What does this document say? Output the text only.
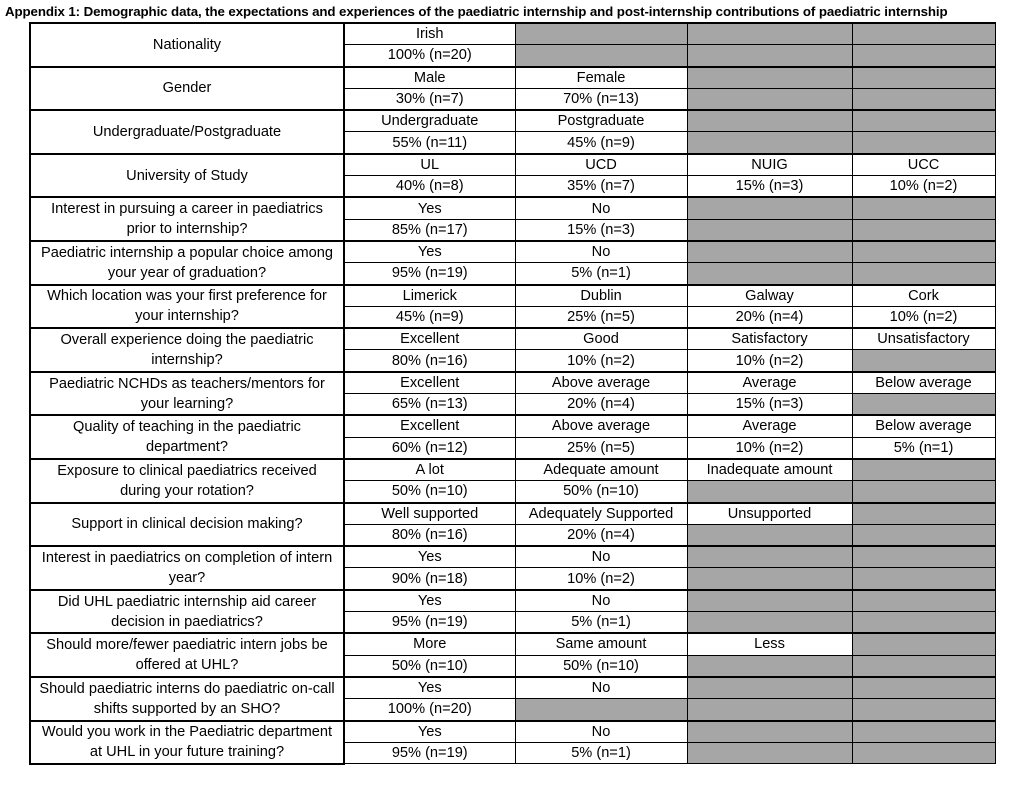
Appendix 1: Demographic data, the expectations and experiences of the paediatric internship and post-internship contributions of paediatric internship
Nationality	Irish			
	100% (n=20)			
Gender	Male	Female		
	30% (n=7)	70% (n=13)		
Undergraduate/Postgraduate	Undergraduate	Postgraduate		
	55% (n=11)	45% (n=9)		
University of Study	UL	UCD	NUIG	UCC
	40% (n=8)	35% (n=7)	15% (n=3)	10% (n=2)
Interest in pursuing a career in paediatrics prior to internship?	Yes	No		
	85% (n=17)	15% (n=3)		
Paediatric internship a popular choice among your year of graduation?	Yes	No		
	95% (n=19)	5% (n=1)		
Which location was your first preference for your internship?	Limerick	Dublin	Galway	Cork
	45% (n=9)	25% (n=5)	20% (n=4)	10% (n=2)
Overall experience doing the paediatric internship?	Excellent	Good	Satisfactory	Unsatisfactory
	80% (n=16)	10% (n=2)	10% (n=2)	
Paediatric NCHDs as teachers/mentors for your learning?	Excellent	Above average	Average	Below average
	65% (n=13)	20% (n=4)	15% (n=3)	
Quality of teaching in the paediatric department?	Excellent	Above average	Average	Below average
	60% (n=12)	25% (n=5)	10% (n=2)	5% (n=1)
Exposure to clinical paediatrics received during your rotation?	A lot	Adequate amount	Inadequate amount	
	50% (n=10)	50% (n=10)		
Support in clinical decision making?	Well supported	Adequately Supported	Unsupported	
	80% (n=16)	20% (n=4)		
Interest in paediatrics on completion of intern year?	Yes	No		
	90% (n=18)	10% (n=2)		
Did UHL paediatric internship aid career decision in paediatrics?	Yes	No		
	95% (n=19)	5% (n=1)		
Should more/fewer paediatric intern jobs be offered at UHL?	More	Same amount	Less	
	50% (n=10)	50% (n=10)		
Should paediatric interns do paediatric on-call shifts supported by an SHO?	Yes	No		
	100% (n=20)			
Would you work in the Paediatric department at UHL in your future training?	Yes	No		
	95% (n=19)	5% (n=1)		
